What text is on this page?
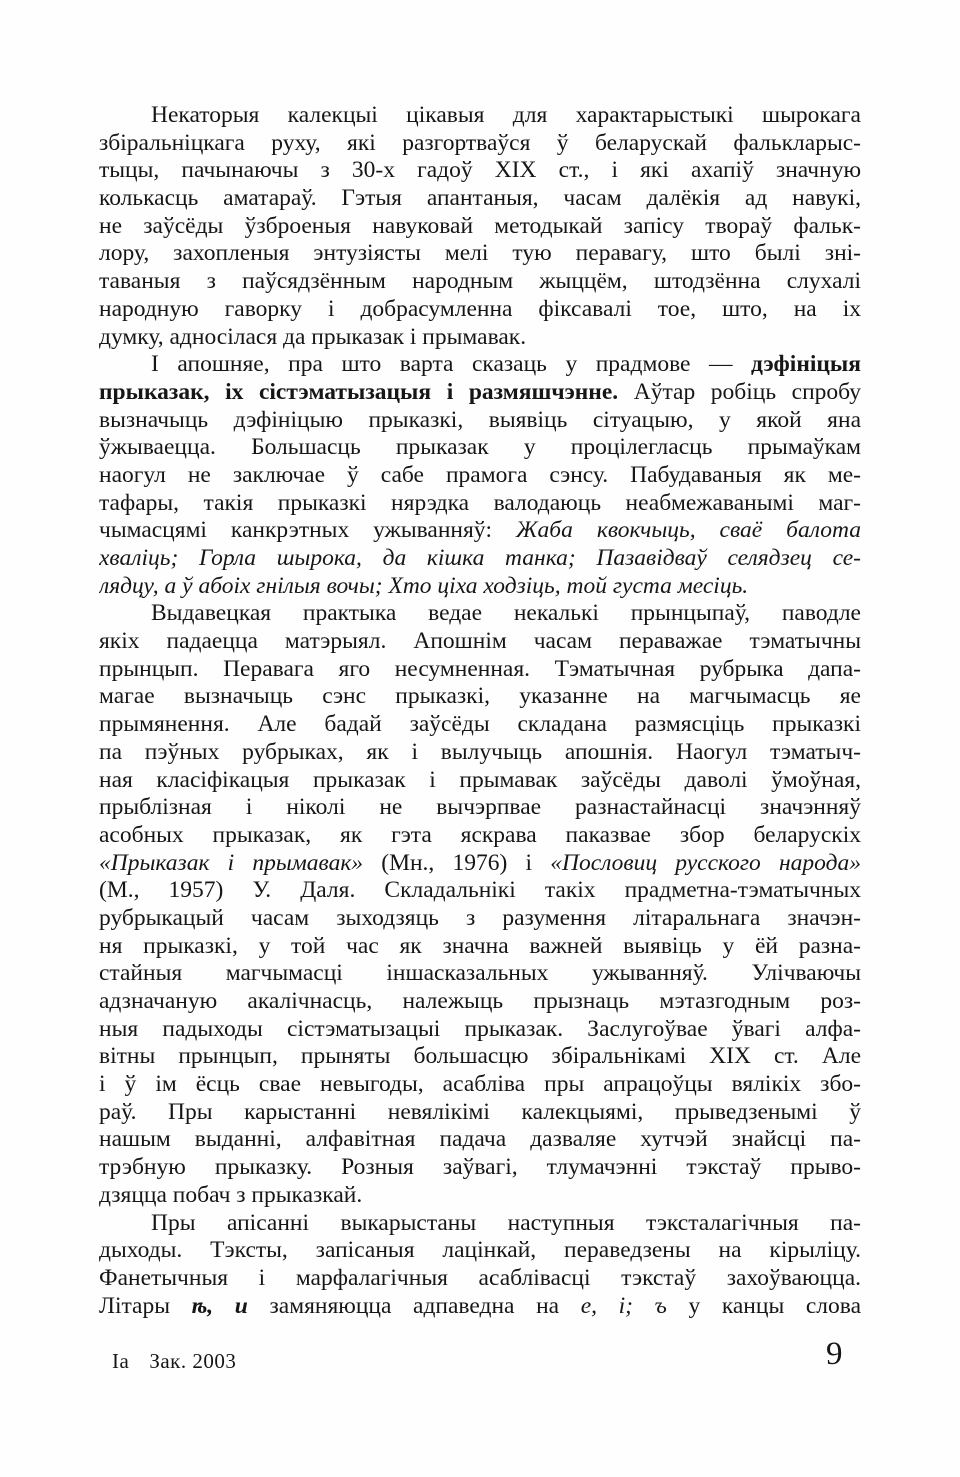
Некаторыя калекцыі цікавыя для характарыстыкі шырокага
збіральніцкага руху, які разгортваўся ў беларускай фалькларыс-
тыцы, пачынаючы з 30-х гадоў XIX ст., і які ахапіў значную
колькасць аматараў. Гэтыя апантаныя, часам далёкія ад навукі,
не заўсёды ўзброеныя навуковай методыкай запісу твораў фальк-
лору, захопленыя энтузіясты мелі тую перавагу, што былі зні-
таваныя з паўсядзённым народным жыццём, штодзённа слухалі
народную гаворку і добрасумленна фіксавалі тое, што, на іх
думку, адносілася да прыказак і прымавак.
І апошняе, пра што варта сказаць у прадмове — дэфініцыя
прыказак, іх сістэматызацыя і размяшчэнне. Аўтар робіць спробу
вызначыць дэфініцыю прыказкі, выявіць сітуацыю, у якой яна
ўжываецца. Большасць прыказак у процілегласць прымаўкам
наогул не заключае ў сабе прамога сэнсу. Пабудаваныя як ме-
тафары, такія прыказкі нярэдка валодаюць неабмежаванымі маг-
чымасцямі канкрэтных ужыванняў: Жаба квокчыць, сваё балота
хваліць; Горла шырока, да кішка танка; Пазавідваў селядзец се-
лядцу, а ў абоіх гнілыя вочы; Хто ціха ходзіць, той густа месіць.
Выдавецкая практыка ведае некалькі прынцыпаў, паводле
якіх падаецца матэрыял. Апошнім часам пераважае тэматычны
прынцып. Перавага яго несумненная. Тэматычная рубрыка дапа-
магае вызначыць сэнс прыказкі, указанне на магчымасць яе
прымянення. Але бадай заўсёды складана размясціць прыказкі
па пэўных рубрыках, як і вылучыць апошнія. Наогул тэматыч-
ная класіфікацыя прыказак і прымавак заўсёды даволі ўмоўная,
прыблізная і ніколі не вычэрпвае разнастайнасці значэнняў
асобных прыказак, як гэта яскрава паказвае збор беларускіх
«Прыказак і прымавак» (Мн., 1976) і «Пословиц русского народа»
(М., 1957) У. Даля. Складальнікі такіх прадметна-тэматычных
рубрыкацый часам зыходзяць з разумення літаральнага значэн-
ня прыказкі, у той час як значна важней выявіць у ёй разна-
стайныя магчымасці іншасказальных ужыванняў. Улічваючы
адзначаную акалічнасць, належыць прызнаць мэтазгодным роз-
ныя падыходы сістэматызацыі прыказак. Заслугоўвае ўвагі алфа-
вітны прынцып, прыняты большасцю збіральнікамі XIX ст. Але
і ў ім ёсць свае невыгоды, асабліва пры апрацоўцы вялікіх збо-
раў. Пры карыстанні невялікімі калекцыямі, прыведзенымі ў
нашым выданні, алфавітная падача дазваляе хутчэй знайсці па-
трэбную прыказку. Розныя заўвагі, тлумачэнні тэкстаў прыво-
дзяцца побач з прыказкай.
Пры апісанні выкарыстаны наступныя тэксталагічныя па-
дыходы. Тэксты, запісаныя лацінкай, пераведзены на кірыліцу.
Фанетычныя і марфалагічныя асаблівасці тэкстаў захоўваюцца.
Літары ѣ, и замяняюцца адпаведна на е, і; ъ у канцы слова
Iа Зак. 2003	9
